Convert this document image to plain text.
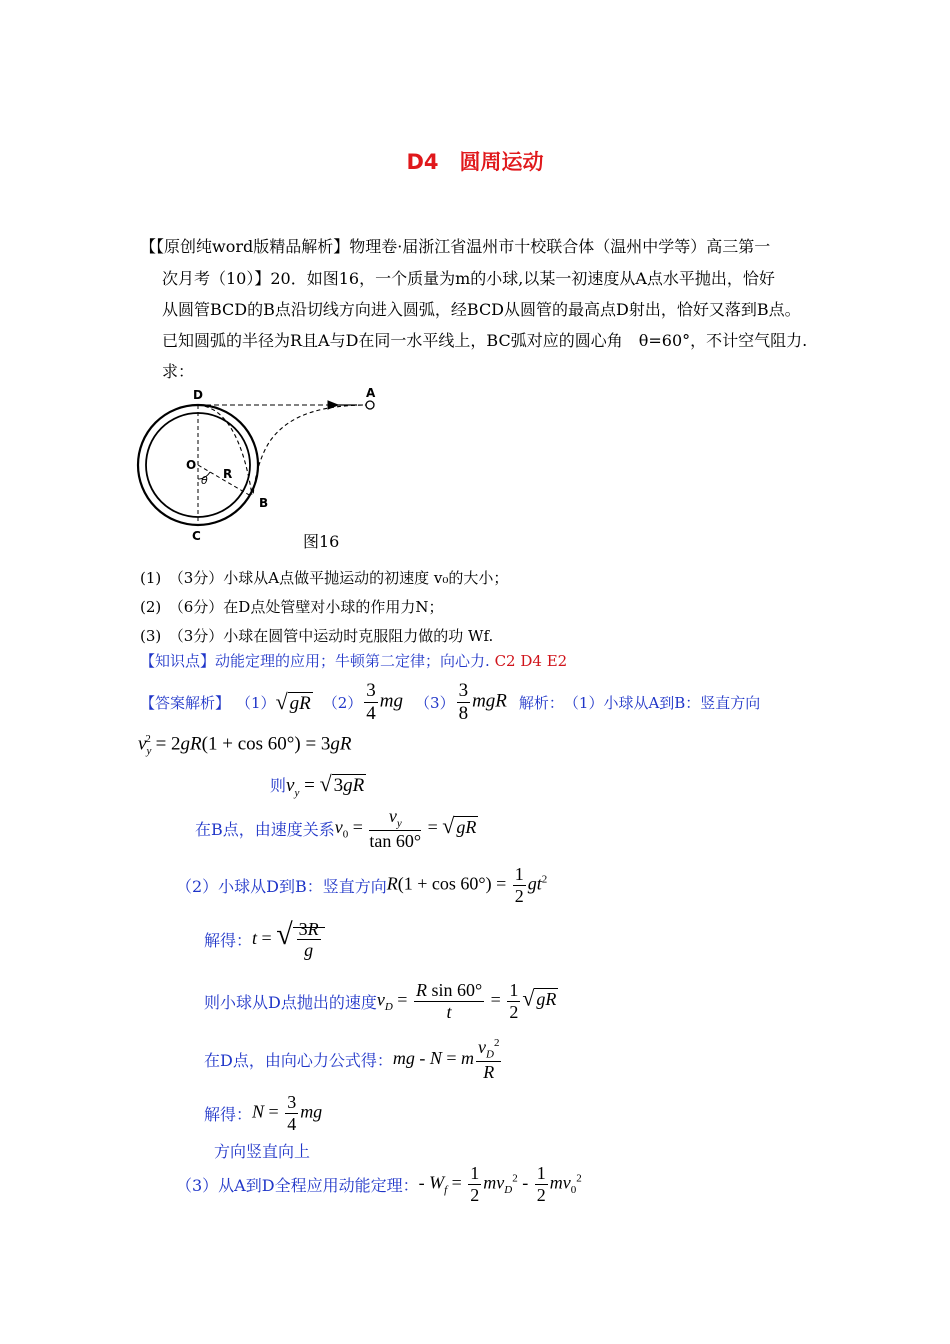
D4　圆周运动
【【原创纯word版精品解析】物理卷·届浙江省温州市十校联合体（温州中学等）高三第一
次月考（10）】20．如图16，一个质量为m的小球,以某一初速度从A点水平抛出，恰好
从圆管BCD的B点沿切线方向进入圆弧，经BCD从圆管的最高点D射出，恰好又落到B点。
已知圆弧的半径为R且A与D在同一水平线上，BC弧对应的圆心角　θ=60°，不计空气阻力.
求：
D	A
O
R
θ
B
C	图16
(1)　（3分）小球从A点做平抛运动的初速度 v₀的大小；
(2)　（6分）在D点处管壁对小球的作用力N；
(3)　（3分）小球在圆管中运动时克服阻力做的功 Wf.
【知识点】动能定理的应用；牛顿第二定律；向心力. C2 D4 E2
【答案解析】 （1） √ gR $(2) \frac{3}{4}$ mg $(3) \frac{3}{8}$ mgR 解析：　（1）小球从A到B：竖直方向
$v_y^2 = 2gR(1 + \cos 60^\circ) = 3gR$
则 $v_y$ = √ 3gR
在B点，由速度关系 $v_0 = \frac{v_y}{\tan 60^\circ}$ = √ gR
（2）小球从D到B：竖直方向 $R(1 + \cos 60^\circ) = \frac{1}{2} gt^2$
解得： t = √ $\frac{3R}{g}$
则小球从D点抛出的速度 $v_D = \frac{\text{R sin 60°}}{t} = \frac{1}{2}$ √ gR
在D点，由向心力公式得： mg - N = m $\frac{v_D^2}{R}$
解得： $N = \frac{3}{4}$ mg
方向竖直向上
（3）从A到D全程应用动能定理： - $W_f = \frac{1}{2} mv_D^2 - \frac{1}{2} mv_0^2$
